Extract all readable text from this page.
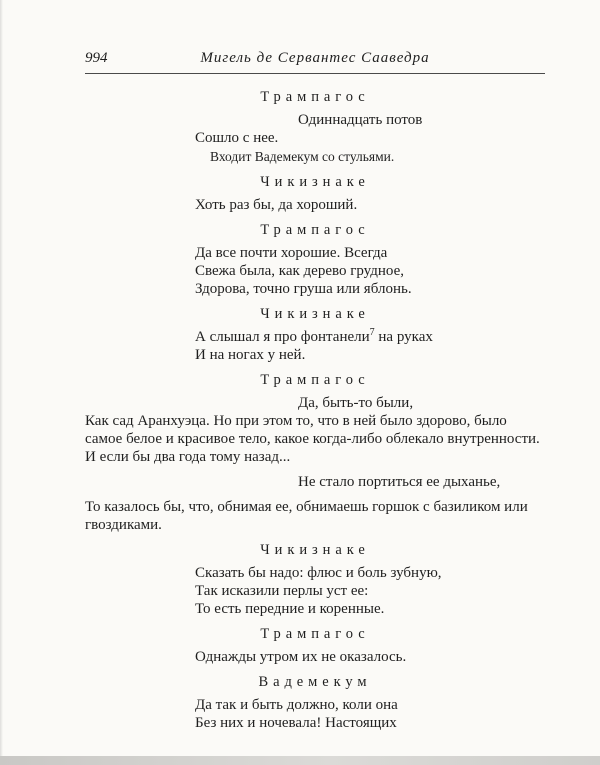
994	Мигель де Сервантес Сааведра
Трампагос
Одиннадцать потов
Сошло с нее.
Входит Вадемекум со стульями.
Чикизнаке
Хоть раз бы, да хороший.
Трампагос
Да все почти хорошие. Всегда
Свежа была, как дерево грудное,
Здорова, точно груша или яблонь.
Чикизнаке
А слышал я про фонтанели$^7$ на руках
И на ногах у ней.
Трампагос
Да, быть-то были,
Как сад Аранхуэца. Но при этом то, что в ней было здорово, было
самое белое и красивое тело, какое когда-либо облекало внутренности.
И если бы два года тому назад...
Не стало портиться ее дыханье,
То казалось бы, что, обнимая ее, обнимаешь горшок с базиликом или
гвоздиками.
Чикизнаке
Сказать бы надо: флюс и боль зубную,
Так исказили перлы уст ее:
То есть передние и коренные.
Трампагос
Однажды утром их не оказалось.
Вадемекум
Да так и быть должно, коли она
Без них и ночевала! Настоящих
